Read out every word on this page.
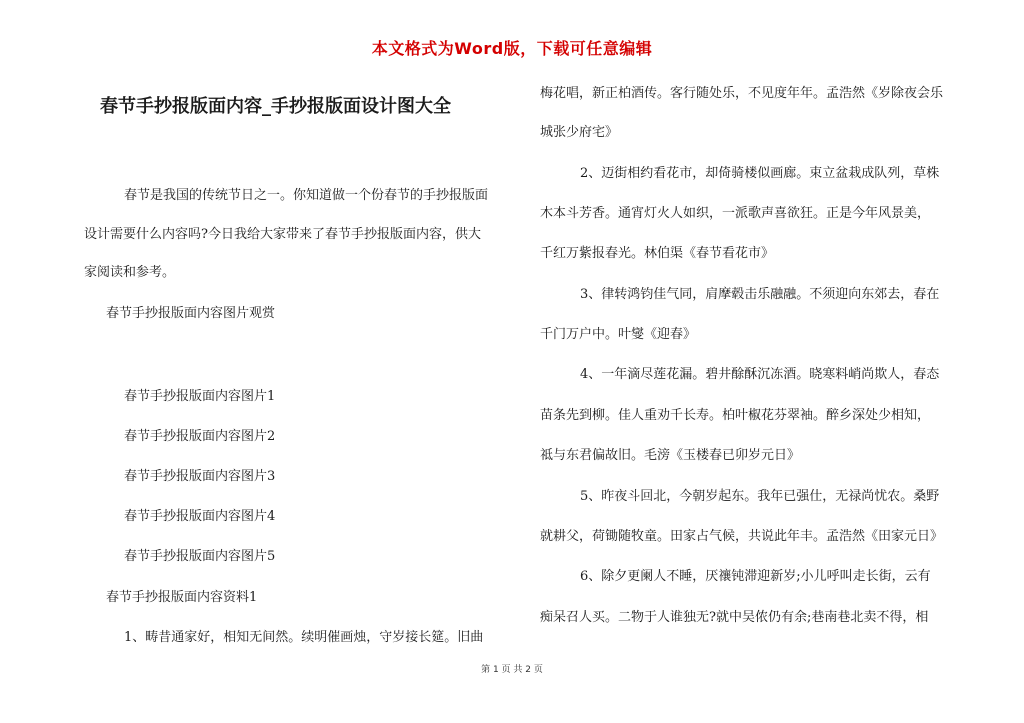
本文格式为Word版，下载可任意编辑
春节手抄报版面内容_手抄报版面设计图大全
春节是我国的传统节日之一。你知道做一个份春节的手抄报版面
设计需要什么内容吗?今日我给大家带来了春节手抄报版面内容，供大
家阅读和参考。
春节手抄报版面内容图片观赏
春节手抄报版面内容图片1
春节手抄报版面内容图片2
春节手抄报版面内容图片3
春节手抄报版面内容图片4
春节手抄报版面内容图片5
春节手抄报版面内容资料1
1、畴昔通家好，相知无间然。续明催画烛，守岁接长筵。旧曲
梅花唱，新正柏酒传。客行随处乐，不见度年年。孟浩然《岁除夜会乐
城张少府宅》
2、迈街相约看花市，却倚骑楼似画廊。束立盆栽成队列，草株
木本斗芳香。通宵灯火人如织，一派歌声喜欲狂。正是今年风景美，
千红万紫报春光。林伯渠《春节看花市》
3、律转鸿钧佳气同，肩摩毂击乐融融。不须迎向东郊去，春在
千门万户中。叶燮《迎春》
4、一年滴尽莲花漏。碧井酴酥沉冻酒。晓寒料峭尚欺人，春态
苗条先到柳。佳人重劝千长寿。柏叶椒花芬翠袖。醉乡深处少相知，
祗与东君偏故旧。毛滂《玉楼春已卯岁元日》
5、昨夜斗回北，今朝岁起东。我年已强仕，无禄尚忧农。桑野
就耕父，荷锄随牧童。田家占气候，共说此年丰。孟浩然《田家元日》
6、除夕更阑人不睡，厌禳钝滞迎新岁;小儿呼叫走长街，云有
痴呆召人买。二物于人谁独无?就中吴侬仍有余;巷南巷北卖不得，相
第 1 页 共 2 页
